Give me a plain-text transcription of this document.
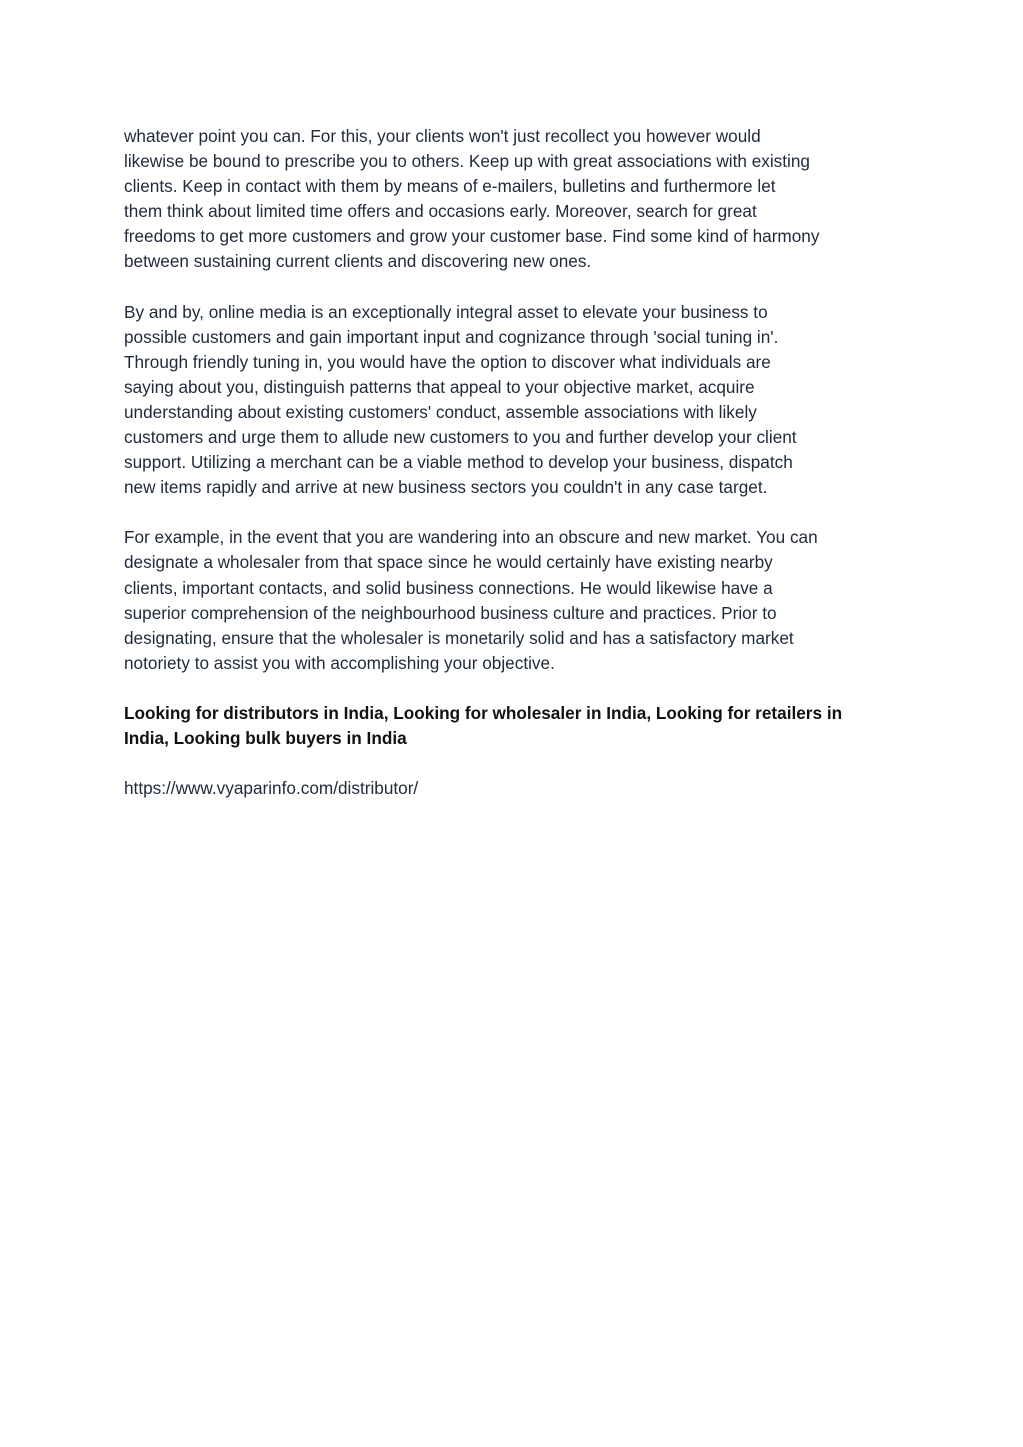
whatever point you can. For this, your clients won't just recollect you however would
likewise be bound to prescribe you to others. Keep up with great associations with existing
clients. Keep in contact with them by means of e-mailers, bulletins and furthermore let
them think about limited time offers and occasions early. Moreover, search for great
freedoms to get more customers and grow your customer base. Find some kind of harmony
between sustaining current clients and discovering new ones.

By and by, online media is an exceptionally integral asset to elevate your business to
possible customers and gain important input and cognizance through 'social tuning in'.
Through friendly tuning in, you would have the option to discover what individuals are
saying about you, distinguish patterns that appeal to your objective market, acquire
understanding about existing customers' conduct, assemble associations with likely
customers and urge them to allude new customers to you and further develop your client
support. Utilizing a merchant can be a viable method to develop your business, dispatch
new items rapidly and arrive at new business sectors you couldn't in any case target.

For example, in the event that you are wandering into an obscure and new market. You can
designate a wholesaler from that space since he would certainly have existing nearby
clients, important contacts, and solid business connections. He would likewise have a
superior comprehension of the neighbourhood business culture and practices. Prior to
designating, ensure that the wholesaler is monetarily solid and has a satisfactory market
notoriety to assist you with accomplishing your objective.

Looking for distributors in India, Looking for wholesaler in India, Looking for retailers in
India, Looking bulk buyers in India

https://www.vyaparinfo.com/distributor/
